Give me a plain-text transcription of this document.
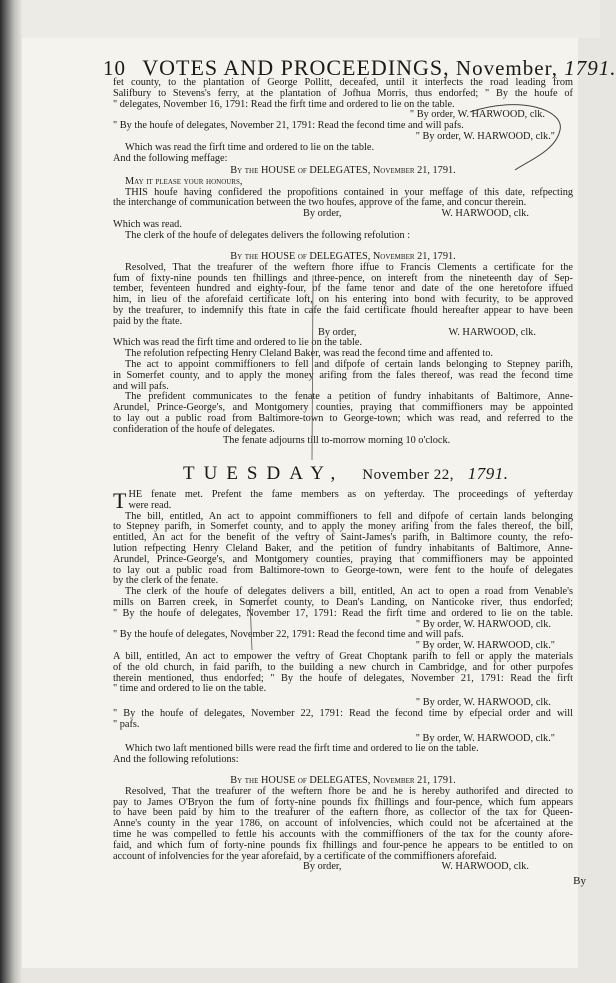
10 VOTES AND PROCEEDINGS, November, 1791.
fet county, to the plantation of George Pollitt, deceafed, until it interfects the road leading from
Salifbury to Stevens's ferry, at the plantation of Jofhua Morris, thus endorfed; " By the houfe of
" delegates, November 16, 1791: Read the firft time and ordered to lie on the table.
" By order, W. HARWOOD, clk.
" By the houfe of delegates, November 21, 1791: Read the fecond time and will pafs.
" By order, W. HARWOOD, clk."
Which was read the firft time and ordered to lie on the table.
And the following meffage:
By the HOUSE of DELEGATES, November 21, 1791.
May it please your honours,
THIS houfe having confidered the propofitions contained in your meffage of this date, refpecting
the interchange of communication between the two houfes, approve of the fame, and concur therein.
By order,	W. HARWOOD, clk.
Which was read.
The clerk of the houfe of delegates delivers the following refolution :
By the HOUSE of DELEGATES, November 21, 1791.
Resolved, That the treafurer of the weftern fhore iffue to Francis Clements a certificate for the
fum of fixty-nine pounds ten fhillings and three-pence, on intereft from the nineteenth day of Sep-
tember, feventeen hundred and eighty-four, of the fame tenor and date of the one heretofore iffued
him, in lieu of the aforefaid certificate loft, on his entering into bond with fecurity, to be approved
by the treafurer, to indemnify this ftate in cafe the faid certificate fhould hereafter appear to have been
paid by the ftate.
By order,	W. HARWOOD, clk.
Which was read the firft time and ordered to lie on the table.
The refolution refpecting Henry Cleland Baker, was read the fecond time and affented to.
The act to appoint commiffioners to fell and difpofe of certain lands belonging to Stepney parifh,
in Somerfet county, and to apply the money arifing from the fales thereof, was read the fecond time
and will pafs.
The prefident communicates to the fenate a petition of fundry inhabitants of Baltimore, Anne-
Arundel, Prince-George's, and Montgomery counties, praying that commiffioners may be appointed
to lay out a public road from Baltimore-town to George-town; which was read, and referred to the
confideration of the houfe of delegates.
The fenate adjourns till to-morrow morning 10 o'clock.
TUESDAY, November 22, 1791.
T HE fenate met. Prefent the fame members as on yefterday. The proceedings of yefterday
were read.
The bill, entitled, An act to appoint commiffioners to fell and difpofe of certain lands belonging
to Stepney parifh, in Somerfet county, and to apply the money arifing from the fales thereof, the bill,
entitled, An act for the benefit of the veftry of Saint-James's parifh, in Baltimore county, the refo-
lution refpecting Henry Cleland Baker, and the petition of fundry inhabitants of Baltimore, Anne-
Arundel, Prince-George's, and Montgomery counties, praying that commiffioners may be appointed
to lay out a public road from Baltimore-town to George-town, were fent to the houfe of delegates
by the clerk of the fenate.
The clerk of the houfe of delegates delivers a bill, entitled, An act to open a road from Venable's
mills on Barren creek, in Somerfet county, to Dean's Landing, on Nanticoke river, thus endorfed;
" By the houfe of delegates, November 17, 1791: Read the firft time and ordered to lie on the table.
" By order, W. HARWOOD, clk.
" By the houfe of delegates, November 22, 1791: Read the fecond time and will pafs.
" By order, W. HARWOOD, clk."
A bill, entitled, An act to empower the veftry of Great Choptank parifh to fell or apply the materials
of the old church, in faid parifh, to the building a new church in Cambridge, and for other purpofes
therein mentioned, thus endorfed; " By the houfe of delegates, November 21, 1791: Read the firft
" time and ordered to lie on the table.
" By order, W. HARWOOD, clk.
" By the houfe of delegates, November 22, 1791: Read the fecond time by efpecial order and will
" pafs.
" By order, W. HARWOOD, clk."
Which two laft mentioned bills were read the firft time and ordered to lie on the table.
And the following refolutions:
By the HOUSE of DELEGATES, November 21, 1791.
Resolved, That the treafurer of the weftern fhore be and he is hereby authorifed and directed to
pay to James O'Bryon the fum of forty-nine pounds fix fhillings and four-pence, which fum appears
to have been paid by him to the treafurer of the eaftern fhore, as collector of the tax for Queen-
Anne's county in the year 1786, on account of infolvencies, which could not be afcertained at the
time he was compelled to fettle his accounts with the commiffioners of the tax for the county afore-
faid, and which fum of forty-nine pounds fix fhillings and four-pence he appears to be entitled to on
account of infolvencies for the year aforefaid, by a certificate of the commiffioners aforefaid.
By order,	W. HARWOOD, clk.
By
